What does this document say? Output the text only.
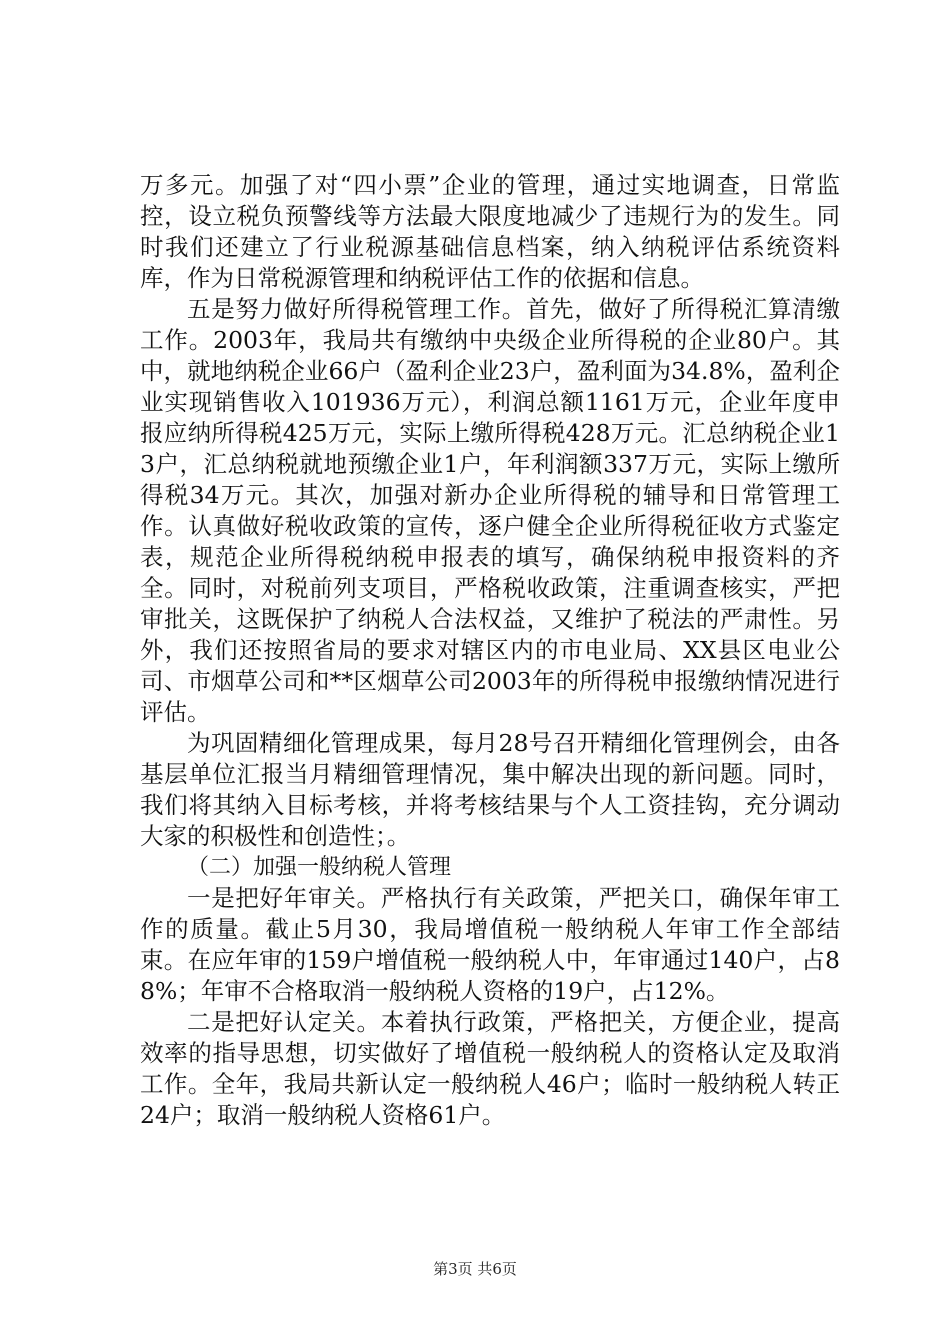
万多元。加强了对“四小票”企业的管理，通过实地调查，日常监控，设立税负预警线等方法最大限度地减少了违规行为的发生。同时我们还建立了行业税源基础信息档案，纳入纳税评估系统资料库，作为日常税源管理和纳税评估工作的依据和信息。

五是努力做好所得税管理工作。首先，做好了所得税汇算清缴工作。2003年，我局共有缴纳中央级企业所得税的企业80户。其中，就地纳税企业66户（盈利企业23户，盈利面为34.8%，盈利企业实现销售收入101936万元），利润总额1161万元，企业年度申报应纳所得税425万元，实际上缴所得税428万元。汇总纳税企业13户，汇总纳税就地预缴企业1户，年利润额337万元，实际上缴所得税34万元。其次，加强对新办企业所得税的辅导和日常管理工作。认真做好税收政策的宣传，逐户健全企业所得税征收方式鉴定表，规范企业所得税纳税申报表的填写，确保纳税申报资料的齐全。同时，对税前列支项目，严格税收政策，注重调查核实，严把审批关，这既保护了纳税人合法权益，又维护了税法的严肃性。另外，我们还按照省局的要求对辖区内的市电业局、XX县区电业公司、市烟草公司和**区烟草公司2003年的所得税申报缴纳情况进行评估。

为巩固精细化管理成果，每月28号召开精细化管理例会，由各基层单位汇报当月精细管理情况，集中解决出现的新问题。同时，我们将其纳入目标考核，并将考核结果与个人工资挂钩，充分调动大家的积极性和创造性；。

（二）加强一般纳税人管理

一是把好年审关。严格执行有关政策，严把关口，确保年审工作的质量。截止5月30，我局增值税一般纳税人年审工作全部结束。在应年审的159户增值税一般纳税人中，年审通过140户，占88%；年审不合格取消一般纳税人资格的19户，占12%。

二是把好认定关。本着执行政策，严格把关，方便企业，提高效率的指导思想，切实做好了增值税一般纳税人的资格认定及取消工作。全年，我局共新认定一般纳税人46户；临时一般纳税人转正24户；取消一般纳税人资格61户。

第3页 共6页
